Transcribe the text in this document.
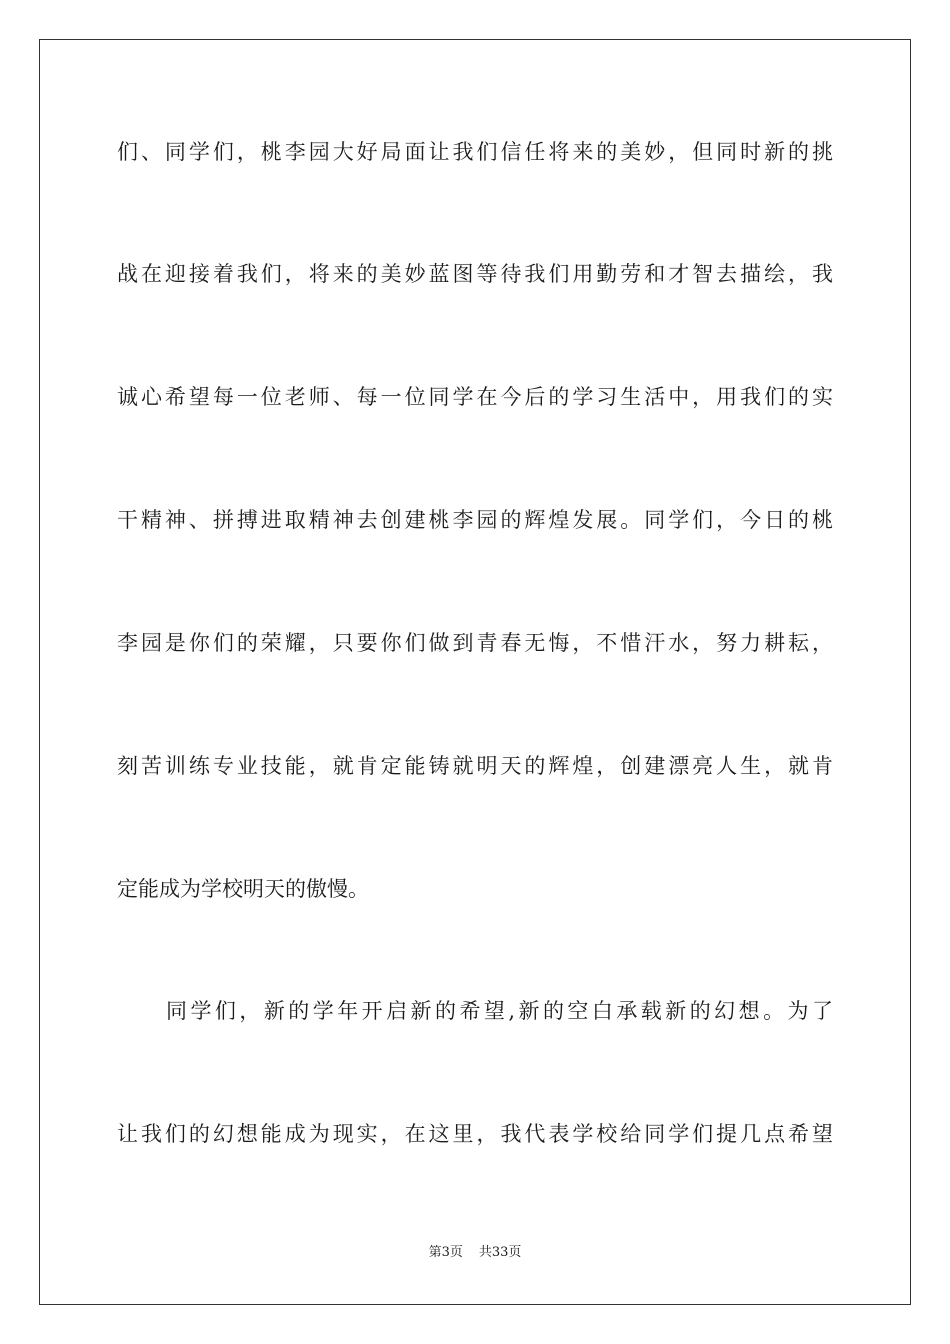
们、同学们，桃李园大好局面让我们信任将来的美妙，但同时新的挑
战在迎接着我们，将来的美妙蓝图等待我们用勤劳和才智去描绘，我
诚心希望每一位老师、每一位同学在今后的学习生活中，用我们的实
干精神、拼搏进取精神去创建桃李园的辉煌发展。同学们，今日的桃
李园是你们的荣耀，只要你们做到青春无悔，不惜汗水，努力耕耘，
刻苦训练专业技能，就肯定能铸就明天的辉煌，创建漂亮人生，就肯
定能成为学校明天的傲慢。
同学们，新的学年开启新的希望,新的空白承载新的幻想。为了
让我们的幻想能成为现实，在这里，我代表学校给同学们提几点希望
第3页 共33页
